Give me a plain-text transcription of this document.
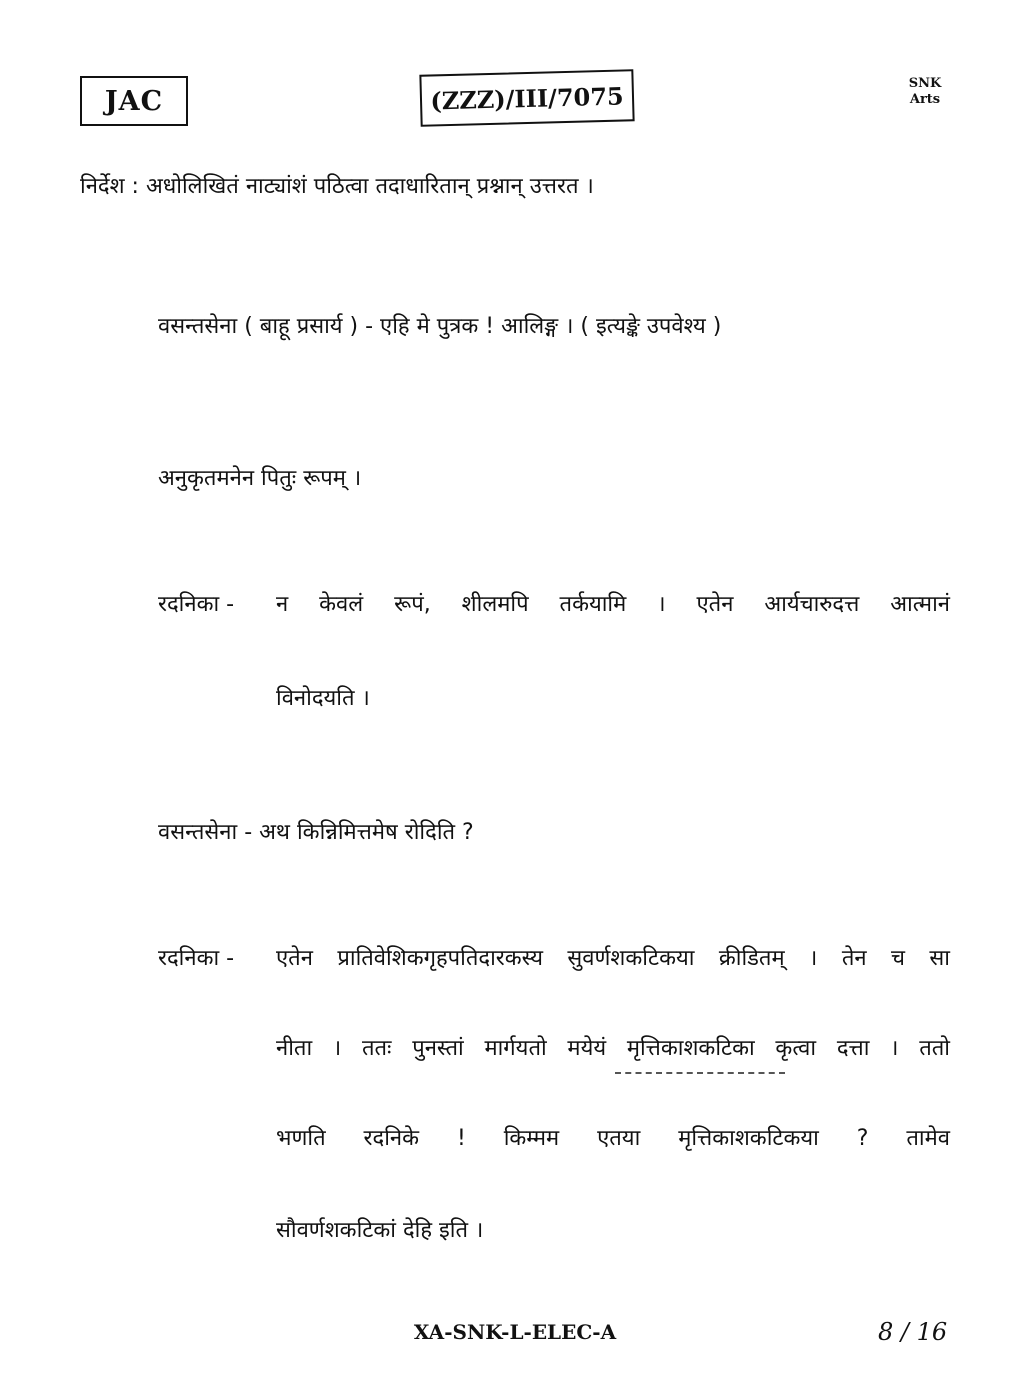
JAC	(ZZZ)/III/7075	SNK
Arts
निर्देश : अधोलिखितं नाट्यांशं पठित्वा तदाधारितान् प्रश्नान् उत्तरत ।
वसन्तसेना ( बाहू प्रसार्य ) - एहि मे पुत्रक ! आलिङ्ग । ( इत्यङ्के उपवेश्य )
अनुकृतमनेन पितुः रूपम् ।
रदनिका -	न केवलं रूपं, शीलमपि तर्कयामि । एतेन आर्यचारुदत्त आत्मानं
विनोदयति ।
वसन्तसेना - अथ किन्निमित्तमेष रोदिति ?
रदनिका -	एतेन प्रातिवेशिकगृहपतिदारकस्य सुवर्णशकटिकया क्रीडितम् । तेन च सा
नीता । ततः पुनस्तां मार्गयतो मयेयं मृत्तिकाशकटिका कृत्वा दत्ता । ततो
भणति रदनिके ! किम्मम एतया मृत्तिकाशकटिकया ? तामेव
सौवर्णशकटिकां देहि इति ।
XA-SNK-L-ELEC-A	8 / 16
